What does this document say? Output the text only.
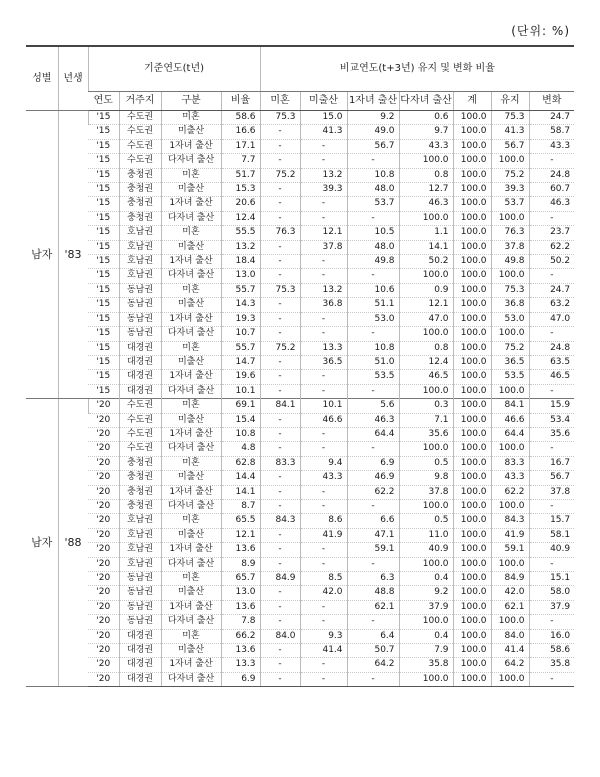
(단위: %)
성별	년생	기준연도(t년)				비교연도(t+3년) 유지 및 변화 비율						
		연도	거주지	구분	비율	미혼	미출산	1자녀 출산	다자녀 출산	계	유지	변화
남자	'83	'15	수도권	미혼	58.6	75.3	15.0	9.2	0.6	100.0	75.3	24.7
		'15	수도권	미출산	16.6	-	41.3	49.0	9.7	100.0	41.3	58.7
		'15	수도권	1자녀 출산	17.1	-	-	56.7	43.3	100.0	56.7	43.3
		'15	수도권	다자녀 출산	7.7	-	-	-	100.0	100.0	100.0	-
		'15	충청권	미혼	51.7	75.2	13.2	10.8	0.8	100.0	75.2	24.8
		'15	충청권	미출산	15.3	-	39.3	48.0	12.7	100.0	39.3	60.7
		'15	충청권	1자녀 출산	20.6	-	-	53.7	46.3	100.0	53.7	46.3
		'15	충청권	다자녀 출산	12.4	-	-	-	100.0	100.0	100.0	-
		'15	호남권	미혼	55.5	76.3	12.1	10.5	1.1	100.0	76.3	23.7
		'15	호남권	미출산	13.2	-	37.8	48.0	14.1	100.0	37.8	62.2
		'15	호남권	1자녀 출산	18.4	-	-	49.8	50.2	100.0	49.8	50.2
		'15	호남권	다자녀 출산	13.0	-	-	-	100.0	100.0	100.0	-
		'15	동남권	미혼	55.7	75.3	13.2	10.6	0.9	100.0	75.3	24.7
		'15	동남권	미출산	14.3	-	36.8	51.1	12.1	100.0	36.8	63.2
		'15	동남권	1자녀 출산	19.3	-	-	53.0	47.0	100.0	53.0	47.0
		'15	동남권	다자녀 출산	10.7	-	-	-	100.0	100.0	100.0	-
		'15	대경권	미혼	55.7	75.2	13.3	10.8	0.8	100.0	75.2	24.8
		'15	대경권	미출산	14.7	-	36.5	51.0	12.4	100.0	36.5	63.5
		'15	대경권	1자녀 출산	19.6	-	-	53.5	46.5	100.0	53.5	46.5
		'15	대경권	다자녀 출산	10.1	-	-	-	100.0	100.0	100.0	-
남자	'88	'20	수도권	미혼	69.1	84.1	10.1	5.6	0.3	100.0	84.1	15.9
		'20	수도권	미출산	15.4	-	46.6	46.3	7.1	100.0	46.6	53.4
		'20	수도권	1자녀 출산	10.8	-	-	64.4	35.6	100.0	64.4	35.6
		'20	수도권	다자녀 출산	4.8	-	-	-	100.0	100.0	100.0	-
		'20	충청권	미혼	62.8	83.3	9.4	6.9	0.5	100.0	83.3	16.7
		'20	충청권	미출산	14.4	-	43.3	46.9	9.8	100.0	43.3	56.7
		'20	충청권	1자녀 출산	14.1	-	-	62.2	37.8	100.0	62.2	37.8
		'20	충청권	다자녀 출산	8.7	-	-	-	100.0	100.0	100.0	-
		'20	호남권	미혼	65.5	84.3	8.6	6.6	0.5	100.0	84.3	15.7
		'20	호남권	미출산	12.1	-	41.9	47.1	11.0	100.0	41.9	58.1
		'20	호남권	1자녀 출산	13.6	-	-	59.1	40.9	100.0	59.1	40.9
		'20	호남권	다자녀 출산	8.9	-	-	-	100.0	100.0	100.0	-
		'20	동남권	미혼	65.7	84.9	8.5	6.3	0.4	100.0	84.9	15.1
		'20	동남권	미출산	13.0	-	42.0	48.8	9.2	100.0	42.0	58.0
		'20	동남권	1자녀 출산	13.6	-	-	62.1	37.9	100.0	62.1	37.9
		'20	동남권	다자녀 출산	7.8	-	-	-	100.0	100.0	100.0	-
		'20	대경권	미혼	66.2	84.0	9.3	6.4	0.4	100.0	84.0	16.0
		'20	대경권	미출산	13.6	-	41.4	50.7	7.9	100.0	41.4	58.6
		'20	대경권	1자녀 출산	13.3	-	-	64.2	35.8	100.0	64.2	35.8
		'20	대경권	다자녀 출산	6.9	-	-	-	100.0	100.0	100.0	-
